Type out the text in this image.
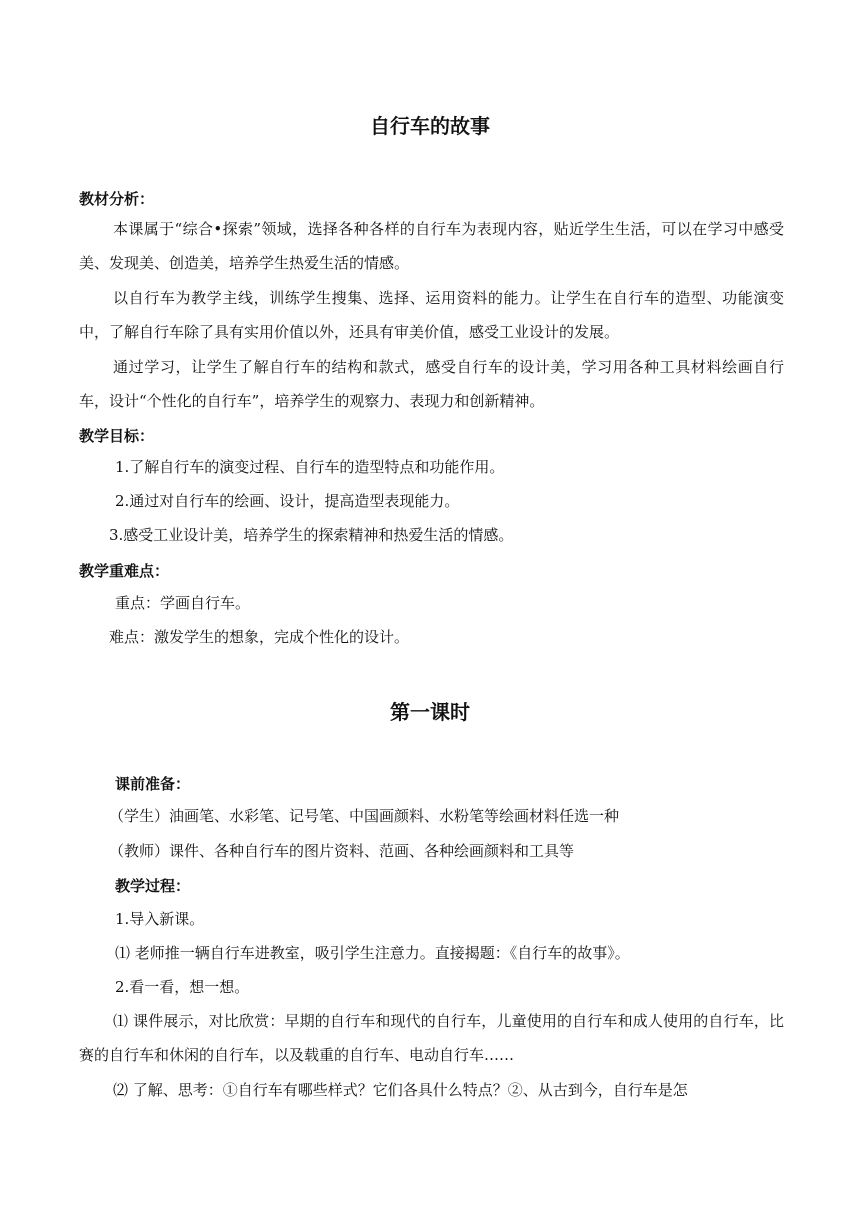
自行车的故事
教材分析：
本课属于“综合•探索”领域，选择各种各样的自行车为表现内容，贴近学生生活，可以在学习中感受美、发现美、创造美，培养学生热爱生活的情感。
以自行车为教学主线，训练学生搜集、选择、运用资料的能力。让学生在自行车的造型、功能演变中，了解自行车除了具有实用价值以外，还具有审美价值，感受工业设计的发展。
通过学习，让学生了解自行车的结构和款式，感受自行车的设计美，学习用各种工具材料绘画自行车，设计“个性化的自行车”，培养学生的观察力、表现力和创新精神。
教学目标：
1.了解自行车的演变过程、自行车的造型特点和功能作用。
2.通过对自行车的绘画、设计，提高造型表现能力。
3.感受工业设计美，培养学生的探索精神和热爱生活的情感。
教学重难点：
重点：学画自行车。
难点：激发学生的想象，完成个性化的设计。
第一课时
课前准备：
（学生）油画笔、水彩笔、记号笔、中国画颜料、水粉笔等绘画材料任选一种
（教师）课件、各种自行车的图片资料、范画、各种绘画颜料和工具等
教学过程：
1.导入新课。
⑴ 老师推一辆自行车进教室，吸引学生注意力。直接揭题：《自行车的故事》。
2.看一看，想一想。
⑴ 课件展示，对比欣赏：早期的自行车和现代的自行车，儿童使用的自行车和成人使用的自行车，比赛的自行车和休闲的自行车，以及载重的自行车、电动自行车……
⑵ 了解、思考：①自行车有哪些样式？它们各具什么特点？②、从古到今，自行车是怎
